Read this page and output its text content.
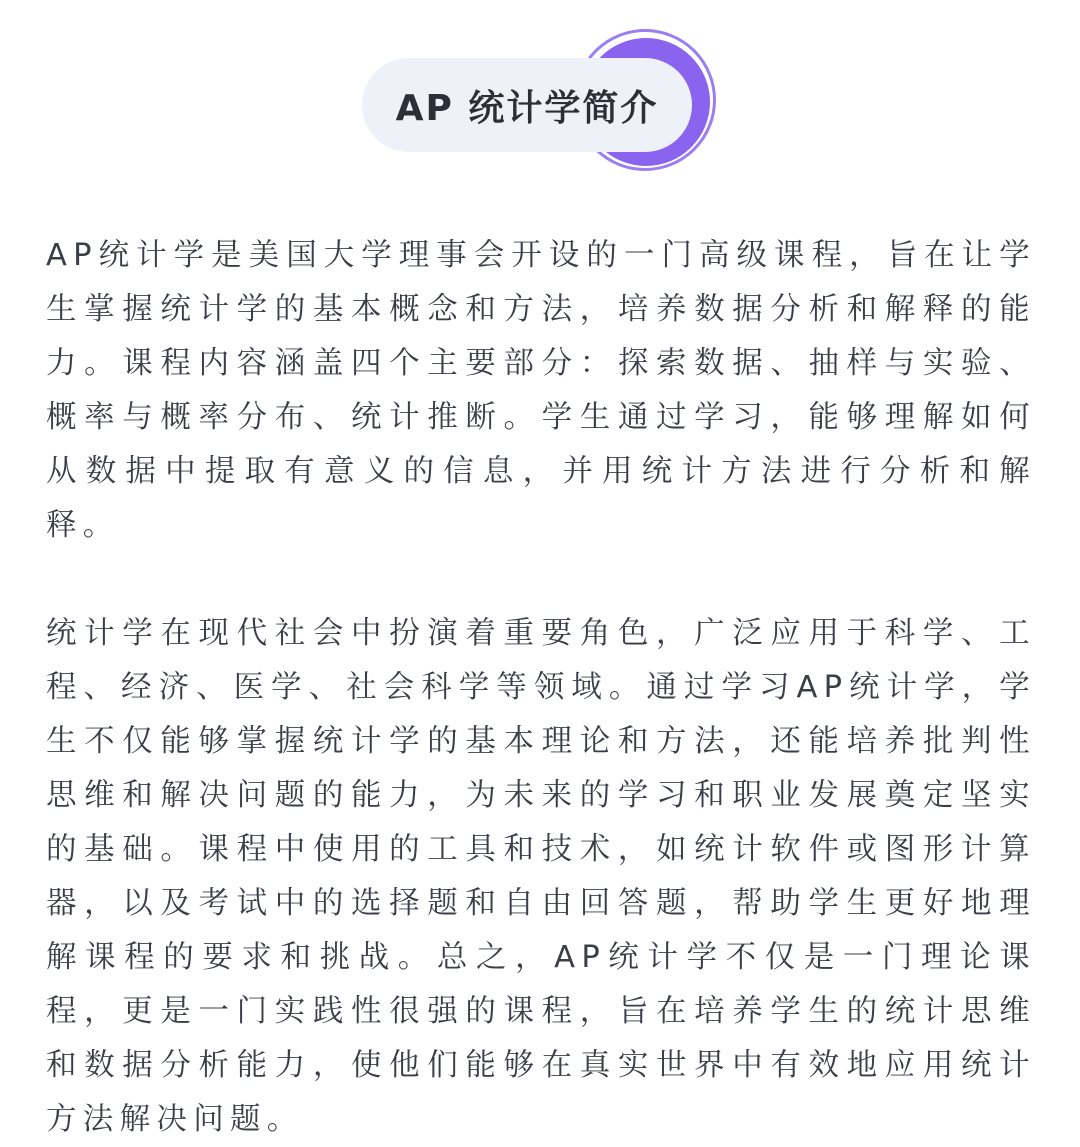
AP 统计学简介

AP统计学是美国大学理事会开设的一门高级课程，旨在让学生掌握统计学的基本概念和方法，培养数据分析和解释的能力。课程内容涵盖四个主要部分：探索数据、抽样与实验、概率与概率分布、统计推断。学生通过学习，能够理解如何从数据中提取有意义的信息，并用统计方法进行分析和解释。

统计学在现代社会中扮演着重要角色，广泛应用于科学、工程、经济、医学、社会科学等领域。通过学习AP统计学，学生不仅能够掌握统计学的基本理论和方法，还能培养批判性思维和解决问题的能力，为未来的学习和职业发展奠定坚实的基础。课程中使用的工具和技术，如统计软件或图形计算器，以及考试中的选择题和自由回答题，帮助学生更好地理解课程的要求和挑战。总之，AP统计学不仅是一门理论课程，更是一门实践性很强的课程，旨在培养学生的统计思维和数据分析能力，使他们能够在真实世界中有效地应用统计方法解决问题。
